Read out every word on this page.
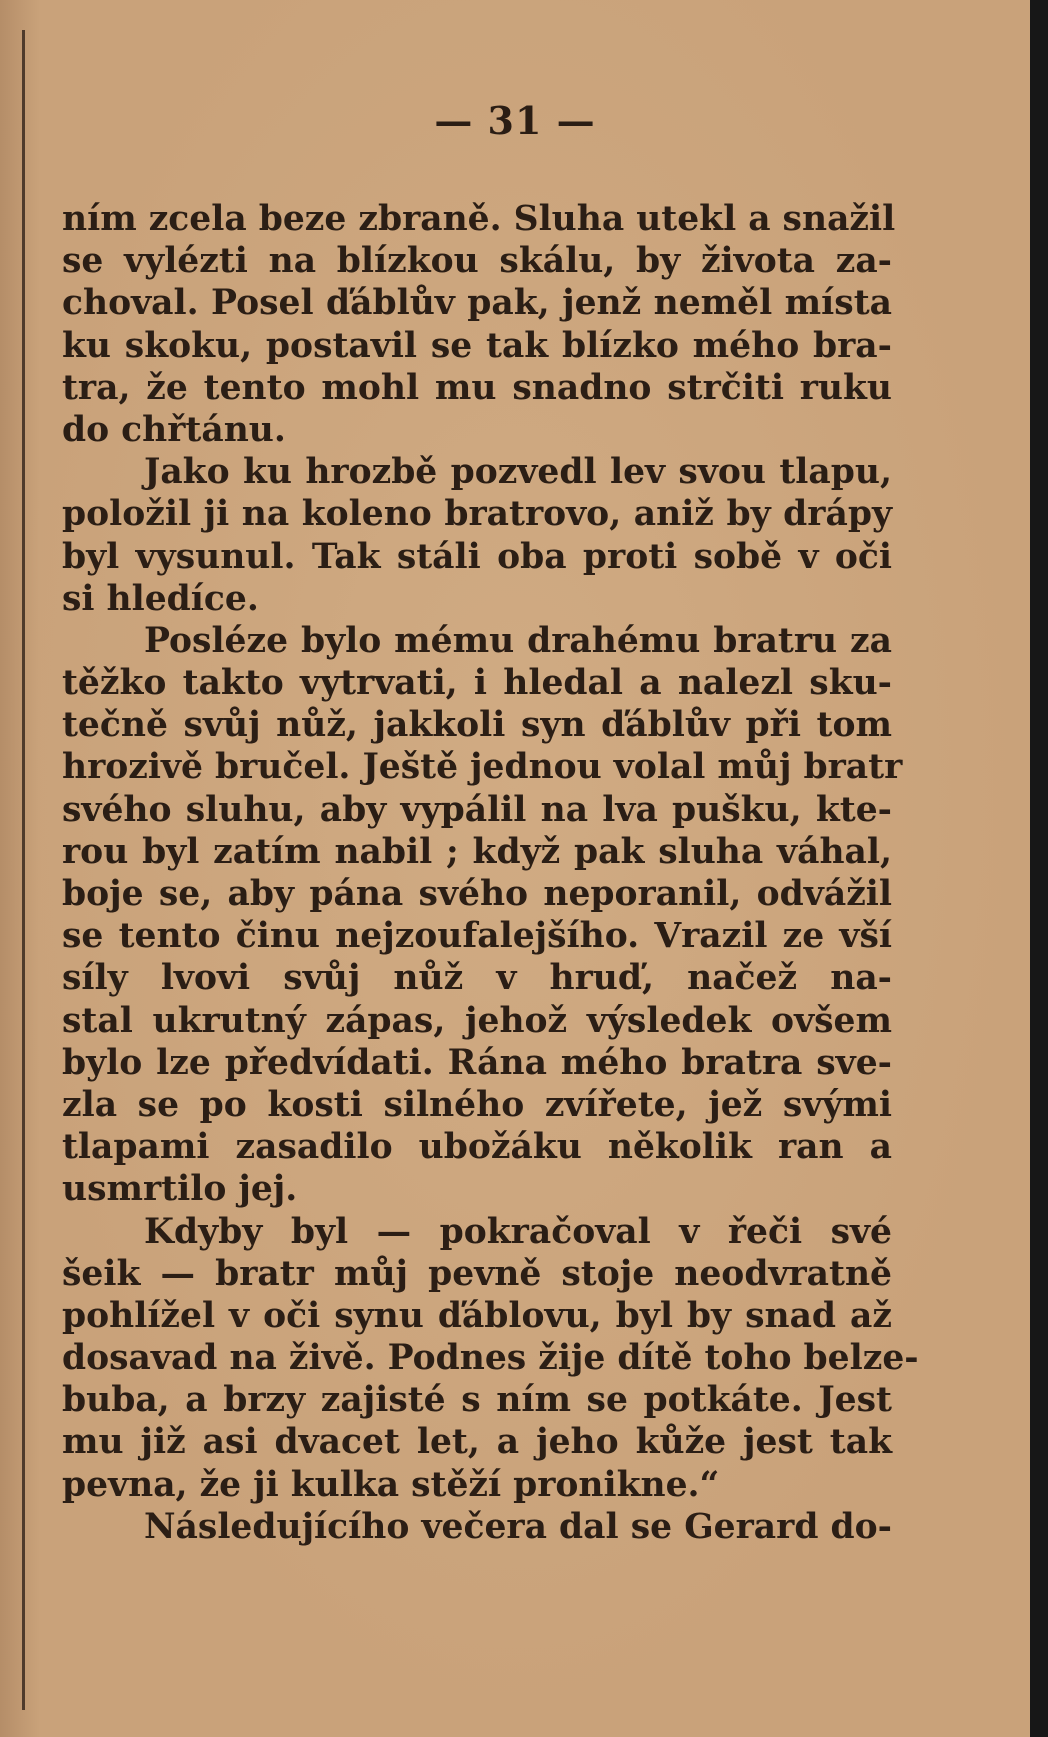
— 31 —
ním zcela beze zbraně. Sluha utekl a snažil
se vylézti na blízkou skálu, by života za-
choval. Posel ďáblův pak, jenž neměl místa
ku skoku, postavil se tak blízko mého bra-
tra, že tento mohl mu snadno strčiti ruku
do chřtánu.
Jako ku hrozbě pozvedl lev svou tlapu,
položil ji na koleno bratrovo, aniž by drápy
byl vysunul. Tak stáli oba proti sobě v oči
si hledíce.
Posléze bylo mému drahému bratru za
těžko takto vytrvati, i hledal a nalezl sku-
tečně svůj nůž, jakkoli syn ďáblův při tom
hrozivě bručel. Ještě jednou volal můj bratr
svého sluhu, aby vypálil na lva pušku, kte-
rou byl zatím nabil ; když pak sluha váhal,
boje se, aby pána svého neporanil, odvážil
se tento činu nejzoufalejšího. Vrazil ze vší
síly lvovi svůj nůž v hruď, načež na-
stal ukrutný zápas, jehož výsledek ovšem
bylo lze předvídati. Rána mého bratra sve-
zla se po kosti silného zvířete, jež svými
tlapami zasadilo ubožáku několik ran a
usmrtilo jej.
Kdyby byl — pokračoval v řeči své
šeik — bratr můj pevně stoje neodvratně
pohlížel v oči synu ďáblovu, byl by snad až
dosavad na živě. Podnes žije dítě toho belze-
buba, a brzy zajisté s ním se potkáte. Jest
mu již asi dvacet let, a jeho kůže jest tak
pevna, že ji kulka stěží pronikne.“
Následujícího večera dal se Gerard do-
